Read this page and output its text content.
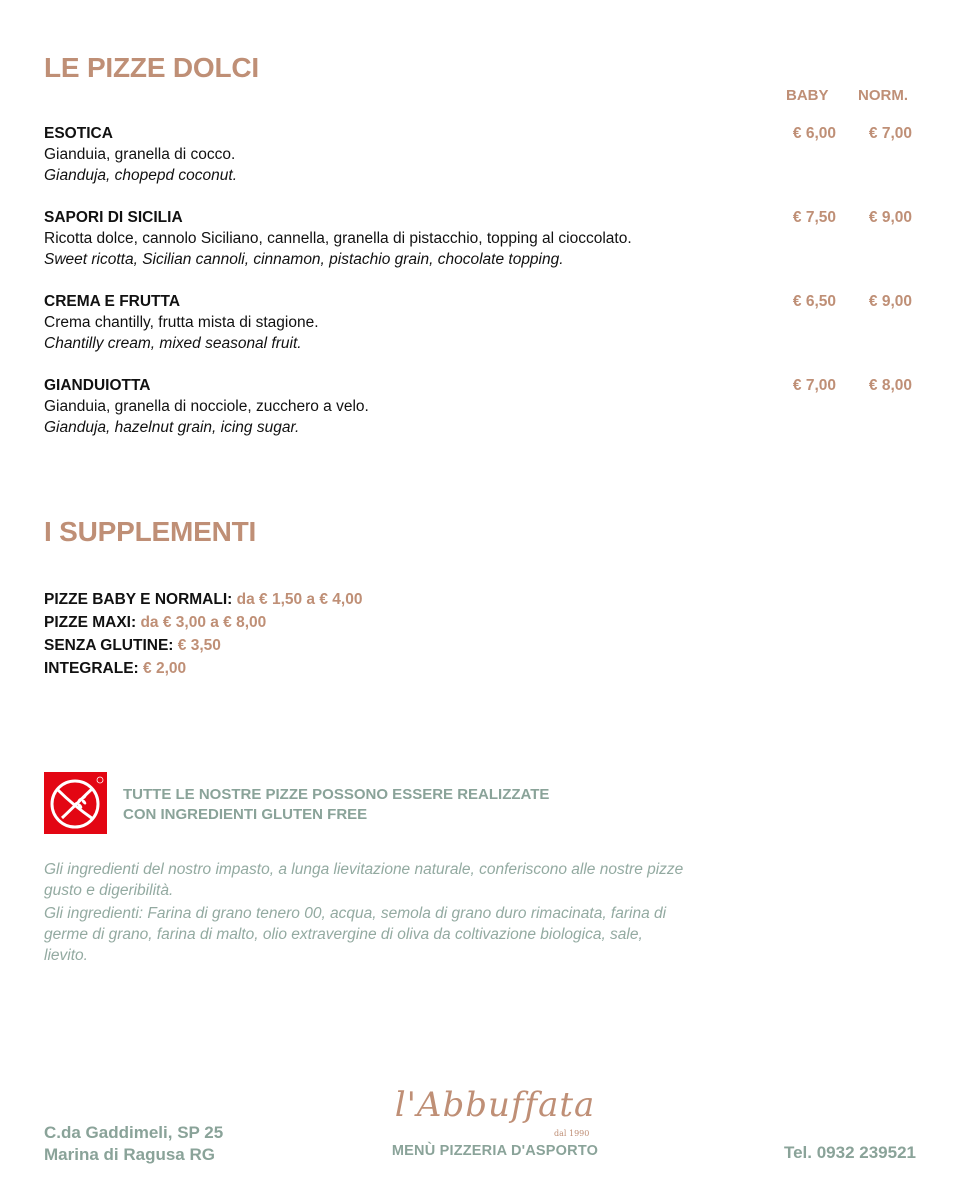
LE PIZZE DOLCI
BABY NORM.
ESOTICA
Gianduia, granella di cocco.
Gianduja, chopepd coconut.
€ 6,00 € 7,00
SAPORI DI SICILIA
Ricotta dolce, cannolo Siciliano, cannella, granella di pistacchio, topping al cioccolato.
Sweet ricotta, Sicilian cannoli, cinnamon, pistachio grain, chocolate topping.
€ 7,50 € 9,00
CREMA E FRUTTA
Crema chantilly, frutta mista di stagione.
Chantilly cream, mixed seasonal fruit.
€ 6,50 € 9,00
GIANDUIOTTA
Gianduia, granella di nocciole, zucchero a velo.
Gianduja, hazelnut grain, icing sugar.
€ 7,00 € 8,00
I SUPPLEMENTI
PIZZE BABY E NORMALI: da € 1,50 a € 4,00
PIZZE MAXI: da € 3,00 a € 8,00
SENZA GLUTINE: € 3,50
INTEGRALE: € 2,00
TUTTE LE NOSTRE PIZZE POSSONO ESSERE REALIZZATE
CON INGREDIENTI GLUTEN FREE

Gli ingredienti del nostro impasto, a lunga lievitazione naturale, conferiscono alle nostre pizze gusto e digeribilità.

Gli ingredienti: Farina di grano tenero 00, acqua, semola di grano duro rimacinata, farina di germe di grano, farina di malto, olio extravergine di oliva da coltivazione biologica, sale, lievito.

C.da Gaddimeli, SP 25
Marina di Ragusa RG
l'Abbuffata
dal 1990
MENÙ PIZZERIA D'ASPORTO	Tel. 0932 239521
